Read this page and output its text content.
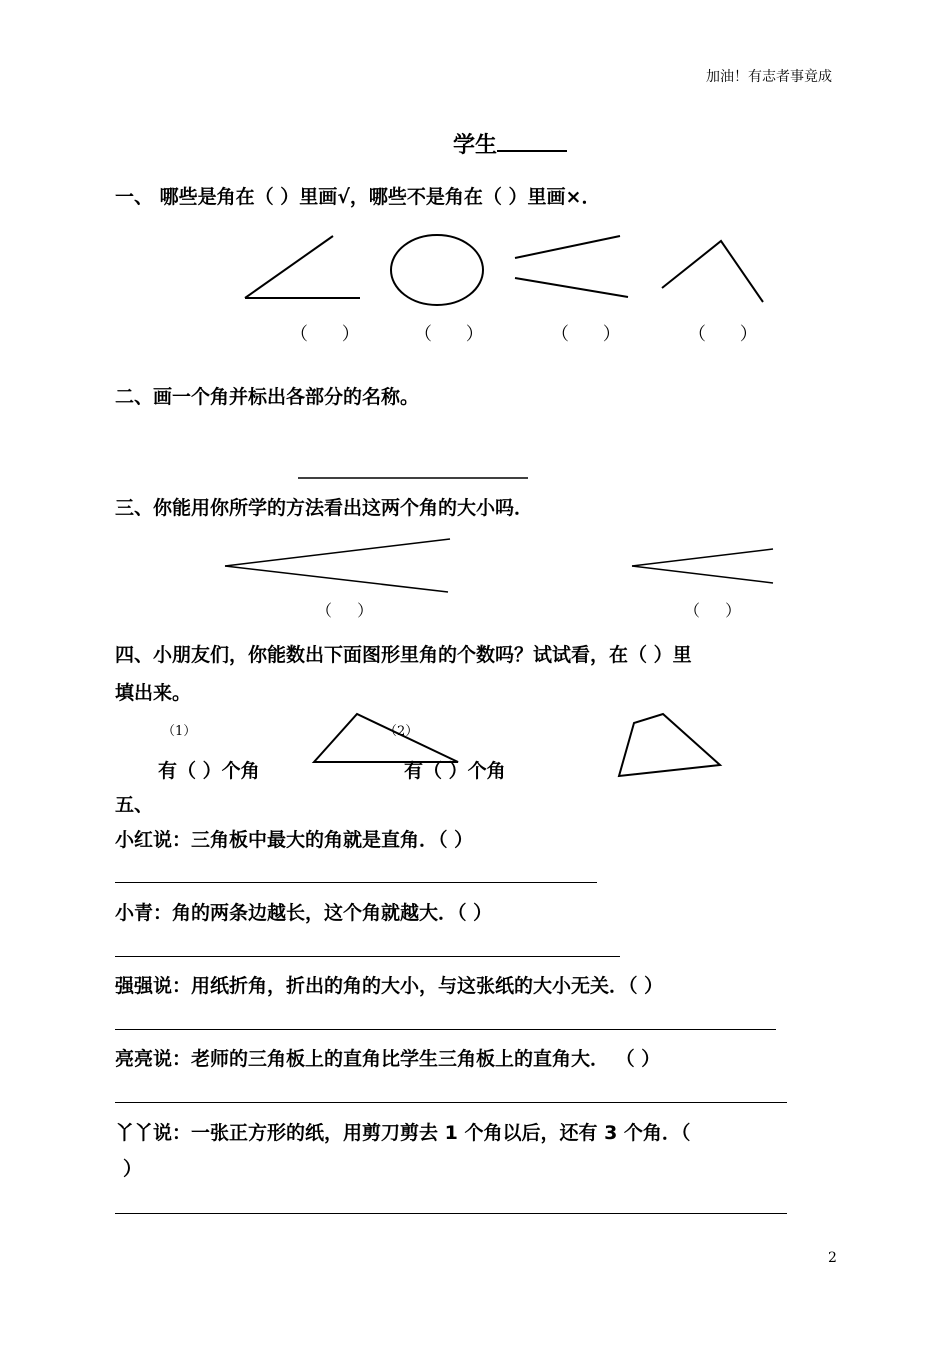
加油！有志者事竟成
学生
一、 哪些是角在（ ）里画√，哪些不是角在（ ）里画×．
（ ） （ ）	（ ）	（ ）
二、画一个角并标出各部分的名称。
三、你能用你所学的方法看出这两个角的大小吗．
（ ）	（ ）
四、小朋友们，你能数出下面图形里角的个数吗？试试看，在（ ）里
填出来。
（1）	（2）
有（ ）个角	有（ ）个角
五、
小红说：三角板中最大的角就是直角．（ ）
小青：角的两条边越长，这个角就越大．（ ）
强强说：用纸折角，折出的角的大小，与这张纸的大小无关．（ ）
亮亮说：老师的三角板上的直角比学生三角板上的直角大． （ ）
丫丫说：一张正方形的纸，用剪刀剪去 1 个角以后，还有 3 个角．（
）
2
